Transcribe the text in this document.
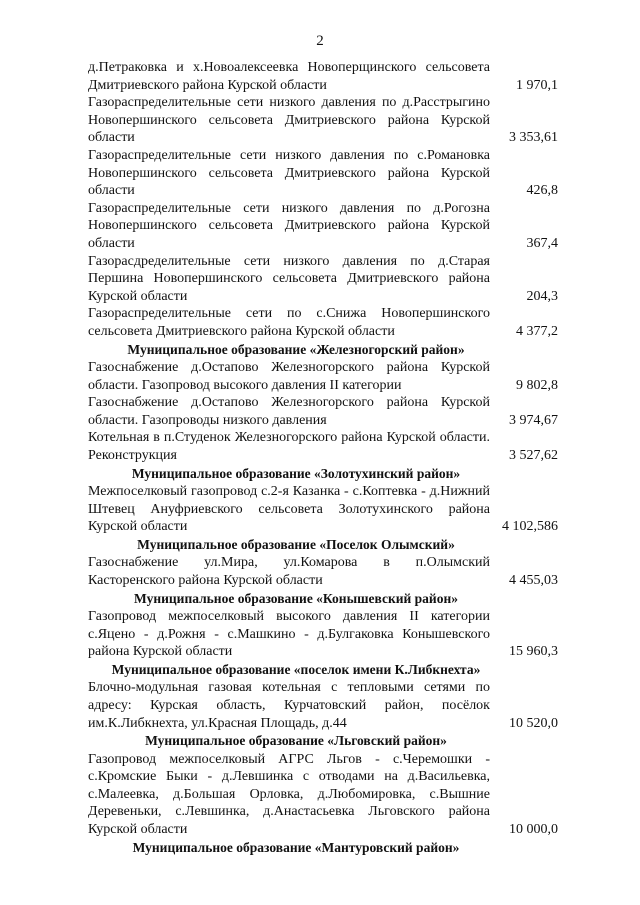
2
д.Петраковка и х.Новоалексеевка Новоперщинского сельсовета Дмитриевского района Курской области	1 970,1
Газораспределительные сети низкого давления по д.Расстрыгино Новопершинского сельсовета Дмитриевского района Курской области	3 353,61
Газораспределительные сети низкого давления по с.Романовка Новопершинского сельсовета Дмитриевского района Курской области	426,8
Газораспределительные сети низкого давления по д.Рогозна Новопершинского сельсовета Дмитриевского района Курской области	367,4
Газорасдределительные сети низкого давления по д.Старая Першина Новопершинского сельсовета Дмитриевского района Курской области	204,3
Газораспределительные сети по с.Снижа Новопершинского сельсовета Дмитриевского района Курской области	4 377,2
Муниципальное образование «Железногорский район»
Газоснабжение д.Остапово Железногорского района Курской области. Газопровод высокого давления II категории	9 802,8
Газоснабжение д.Остапово Железногорского района Курской области. Газопроводы низкого давления	3 974,67
Котельная в п.Студенок Железногорского района Курской области. Реконструкция	3 527,62
Муниципальное образование «Золотухинский район»
Межпоселковый газопровод с.2-я Казанка - с.Коптевка - д.Нижний Штевец Ануфриевского сельсовета Золотухинского района Курской области	4 102,586
Муниципальное образование «Поселок Олымский»
Газоснабжение ул.Мира, ул.Комарова в п.Олымский Касторенского района Курской области	4 455,03
Муниципальное образование «Конышевский район»
Газопровод межпоселковый высокого давления II категории с.Яцено - д.Рожня - с.Машкино - д.Булгаковка Конышевского района Курской области	15 960,3
Муниципальное образование «поселок имени К.Либкнехта»
Блочно-модульная газовая котельная с тепловыми сетями по адресу: Курская область, Курчатовский район, посёлок им.К.Либкнехта, ул.Красная Площадь, д.44	10 520,0
Муниципальное образование «Льговский район»
Газопровод межпоселковый АГРС Льгов - с.Черемошки - с.Кромские Быки - д.Левшинка с отводами на д.Васильевка, с.Малеевка, д.Большая Орловка, д.Любомировка, с.Вышние Деревеньки, с.Левшинка, д.Анастасьевка Льговского района Курской области	10 000,0
Муниципальное образование «Мантуровский район»
